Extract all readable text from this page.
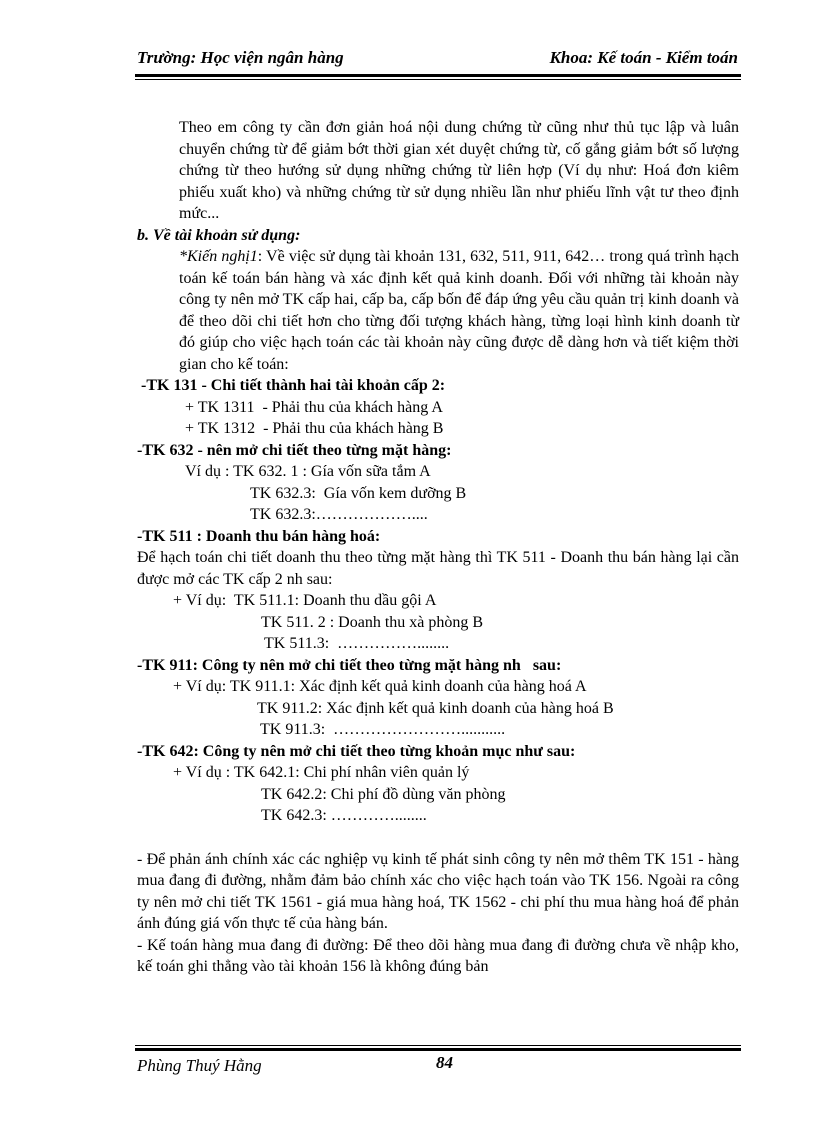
Trường: Học viện ngân hàng	Khoa: Kế toán - Kiểm toán

Theo em công ty cần đơn giản hoá nội dung chứng từ cũng như thủ tục lập và luân chuyển chứng từ để giảm bớt thời gian xét duyệt chứng từ, cố gắng giảm bớt số lượng chứng từ theo hướng sử dụng những chứng từ liên hợp (Ví dụ như: Hoá đơn kiêm phiếu xuất kho) và những chứng từ sử dụng nhiều lần như phiếu lĩnh vật tư theo định mức...

b. Về tài khoản sử dụng:

*Kiến nghị1: Về việc sử dụng tài khoản 131, 632, 511, 911, 642… trong quá trình hạch toán kế toán bán hàng và xác định kết quả kinh doanh. Đối với những tài khoản này công ty nên mở TK cấp hai, cấp ba, cấp bốn để đáp ứng yêu cầu quản trị kinh doanh và để theo dõi chi tiết hơn cho từng đối tượng khách hàng, từng loại hình kinh doanh từ đó giúp cho việc hạch toán các tài khoản này cũng được dễ dàng hơn và tiết kiệm thời gian cho kế toán:

-TK 131 - Chi tiết thành hai tài khoản cấp 2:
+ TK 1311  - Phải thu của khách hàng A
+ TK 1312  - Phải thu của khách hàng B
-TK 632 - nên mở chi tiết theo từng mặt hàng:
Ví dụ : TK 632. 1 : Gía vốn sữa tắm A
TK 632.3:  Gía vốn kem dưỡng B
TK 632.3:………………....
-TK 511 : Doanh thu bán hàng hoá:

Để hạch toán chi tiết doanh thu theo từng mặt hàng thì TK 511 - Doanh thu bán hàng lại cần được mở các TK cấp 2 nh sau:

+ Ví dụ:  TK 511.1: Doanh thu dầu gội A
TK 511. 2 : Doanh thu xà phòng B
TK 511.3:  ……………........
-TK 911: Công ty nên mở chi tiết theo từng mặt hàng nh   sau:
+ Ví dụ: TK 911.1: Xác định kết quả kinh doanh của hàng hoá A
TK 911.2: Xác định kết quả kinh doanh của hàng hoá B
TK 911.3:  ……………………...........
-TK 642: Công ty nên mở chi tiết theo từng khoản mục như sau:
+ Ví dụ : TK 642.1: Chi phí nhân viên quản lý
TK 642.2: Chi phí đồ dùng văn phòng
TK 642.3: …………........

- Để phản ánh chính xác các nghiệp vụ kinh tế phát sinh công ty nên mở thêm TK 151 - hàng mua đang đi đường, nhằm đảm bảo chính xác cho việc hạch toán vào TK 156. Ngoài ra công ty nên mở chi tiết TK 1561 - giá mua hàng hoá, TK 1562 - chi phí thu mua hàng hoá để phản ánh đúng giá vốn thực tế của hàng bán.

- Kế toán hàng mua đang đi đường: Để theo dõi hàng mua đang đi đường chưa về nhập kho, kế toán ghi thẳng vào tài khoản 156 là không đúng bản

Phùng Thuý Hằng	84
